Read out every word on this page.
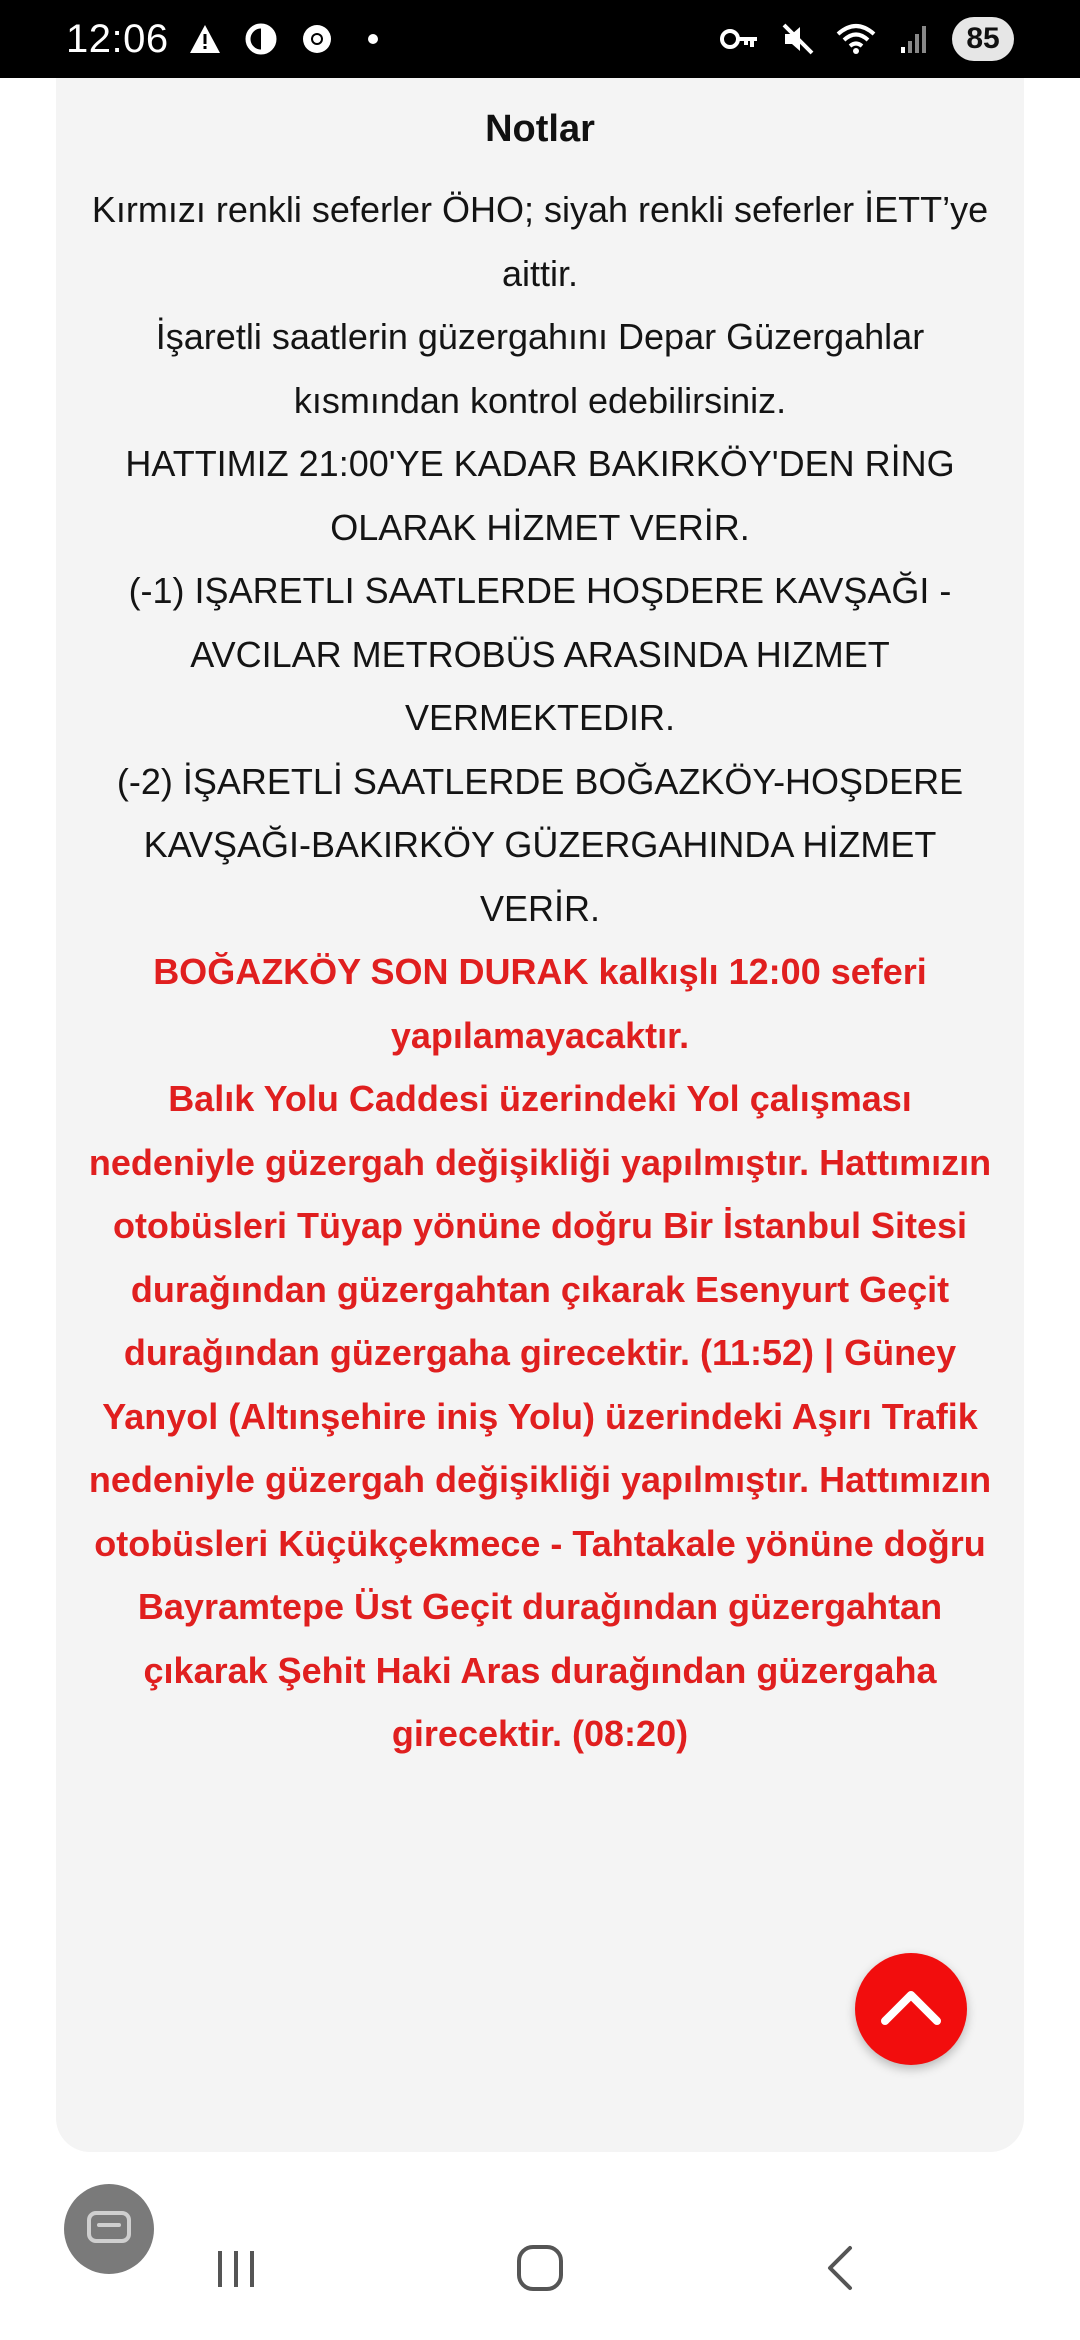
12:06	85
Notlar

Kırmızı renkli seferler ÖHO; siyah renkli seferler İETT’ye aittir.

İşaretli saatlerin güzergahını Depar Güzergahlar kısmından kontrol edebilirsiniz.

HATTIMIZ 21:00'YE KADAR BAKIRKÖY'DEN RİNG OLARAK HİZMET VERİR.

(-1) IŞARETLI SAATLERDE HOŞDERE KAVŞAĞI - AVCILAR METROBÜS ARASINDA HIZMET VERMEKTEDIR.

(-2) İŞARETLİ SAATLERDE BOĞAZKÖY-HOŞDERE KAVŞAĞI-BAKIRKÖY GÜZERGAHINDA HİZMET VERİR.

BOĞAZKÖY SON DURAK kalkışlı 12:00 seferi yapılamayacaktır.

Balık Yolu Caddesi üzerindeki Yol çalışması nedeniyle güzergah değişikliği yapılmıştır. Hattımızın otobüsleri Tüyap yönüne doğru Bir İstanbul Sitesi durağından güzergahtan çıkarak Esenyurt Geçit durağından güzergaha girecektir. (11:52) | Güney Yanyol (Altınşehire iniş Yolu) üzerindeki Aşırı Trafik nedeniyle güzergah değişikliği yapılmıştır. Hattımızın otobüsleri Küçükçekmece - Tahtakale yönüne doğru Bayramtepe Üst Geçit durağından güzergahtan çıkarak Şehit Haki Aras durağından güzergaha girecektir. (08:20)
